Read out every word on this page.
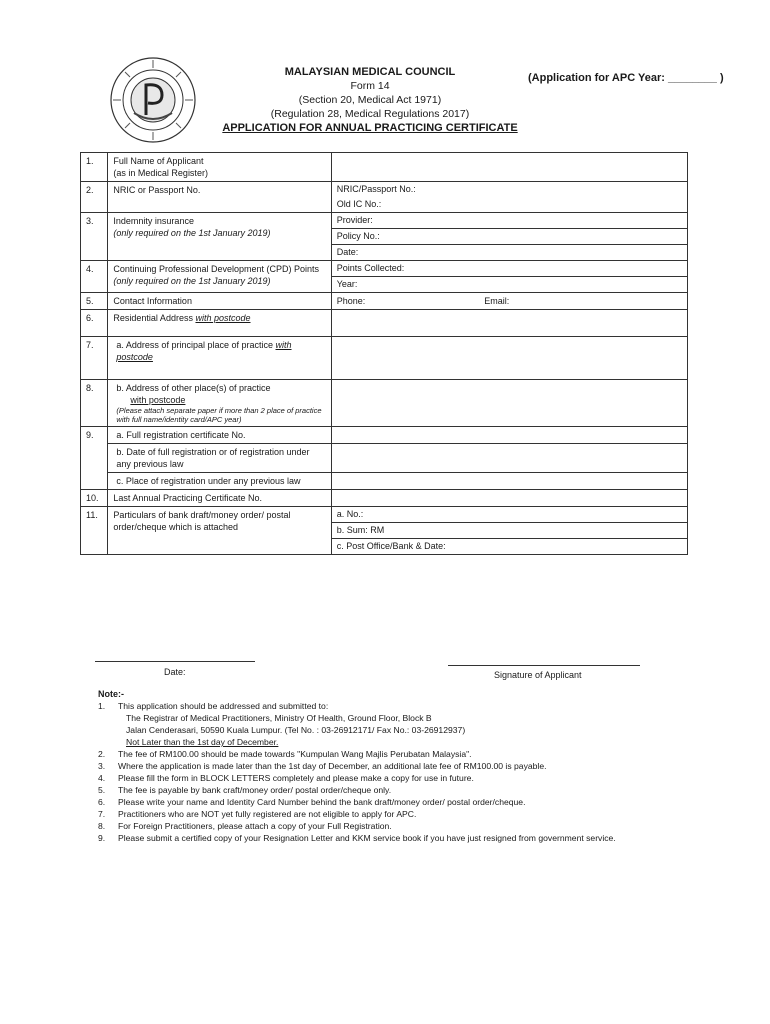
MALAYSIAN MEDICAL COUNCIL
Form 14
(Section 20, Medical Act 1971)
(Regulation 28, Medical Regulations 2017)
APPLICATION FOR ANNUAL PRACTICING CERTIFICATE
(Application for APC Year: ________ )
1.	Full Name of Applicant
(as in Medical Register)	
2.	NRIC or Passport No.	NRIC/Passport No.:
Old IC No.:

3.	Indemnity insurance
(only required on the 1st January 2019)	Provider:
Policy No.:
Date:

4.	Continuing Professional Development (CPD) Points (only required on the 1st January 2019)	Points Collected:
Year:

5.	Contact Information	Phone: Email:
6.	Residential Address with postcode	
7.	a. Address of principal place of practice with postcode	
8.	b. Address of other place(s) of practice
with postcode
(Please attach separate paper if more than 2 place of practice with full name/identity card/APC year)	

9.	a. Full registration certificate No.	
	b. Date of full registration or of registration under any previous law	
	c. Place of registration under any previous law	
10.	Last Annual Practicing Certificate No.	
11.	Particulars of bank draft/money order/ postal order/cheque which is attached	a. No.:
b. Sum: RM
c. Post Office/Bank & Date:
Date:	Signature of Applicant
Note:-
1.	This application should be addressed and submitted to:
The Registrar of Medical Practitioners, Ministry Of Health, Ground Floor, Block B
Jalan Cenderasari, 50590 Kuala Lumpur. (Tel No. : 03-26912171/ Fax No.: 03-26912937)
Not Later than the 1st day of December.
2.	The fee of RM100.00 should be made towards "Kumpulan Wang Majlis Perubatan Malaysia".
3.	Where the application is made later than the 1st day of December, an additional late fee of RM100.00 is payable.
4.	Please fill the form in BLOCK LETTERS completely and please make a copy for use in future.
5.	The fee is payable by bank craft/money order/ postal order/cheque only.
6.	Please write your name and Identity Card Number behind the bank draft/money order/ postal order/cheque.
7.	Practitioners who are NOT yet fully registered are not eligible to apply for APC.
8.	For Foreign Practitioners, please attach a copy of your Full Registration.
9.	Please submit a certified copy of your Resignation Letter and KKM service book if you have just resigned from government service.
